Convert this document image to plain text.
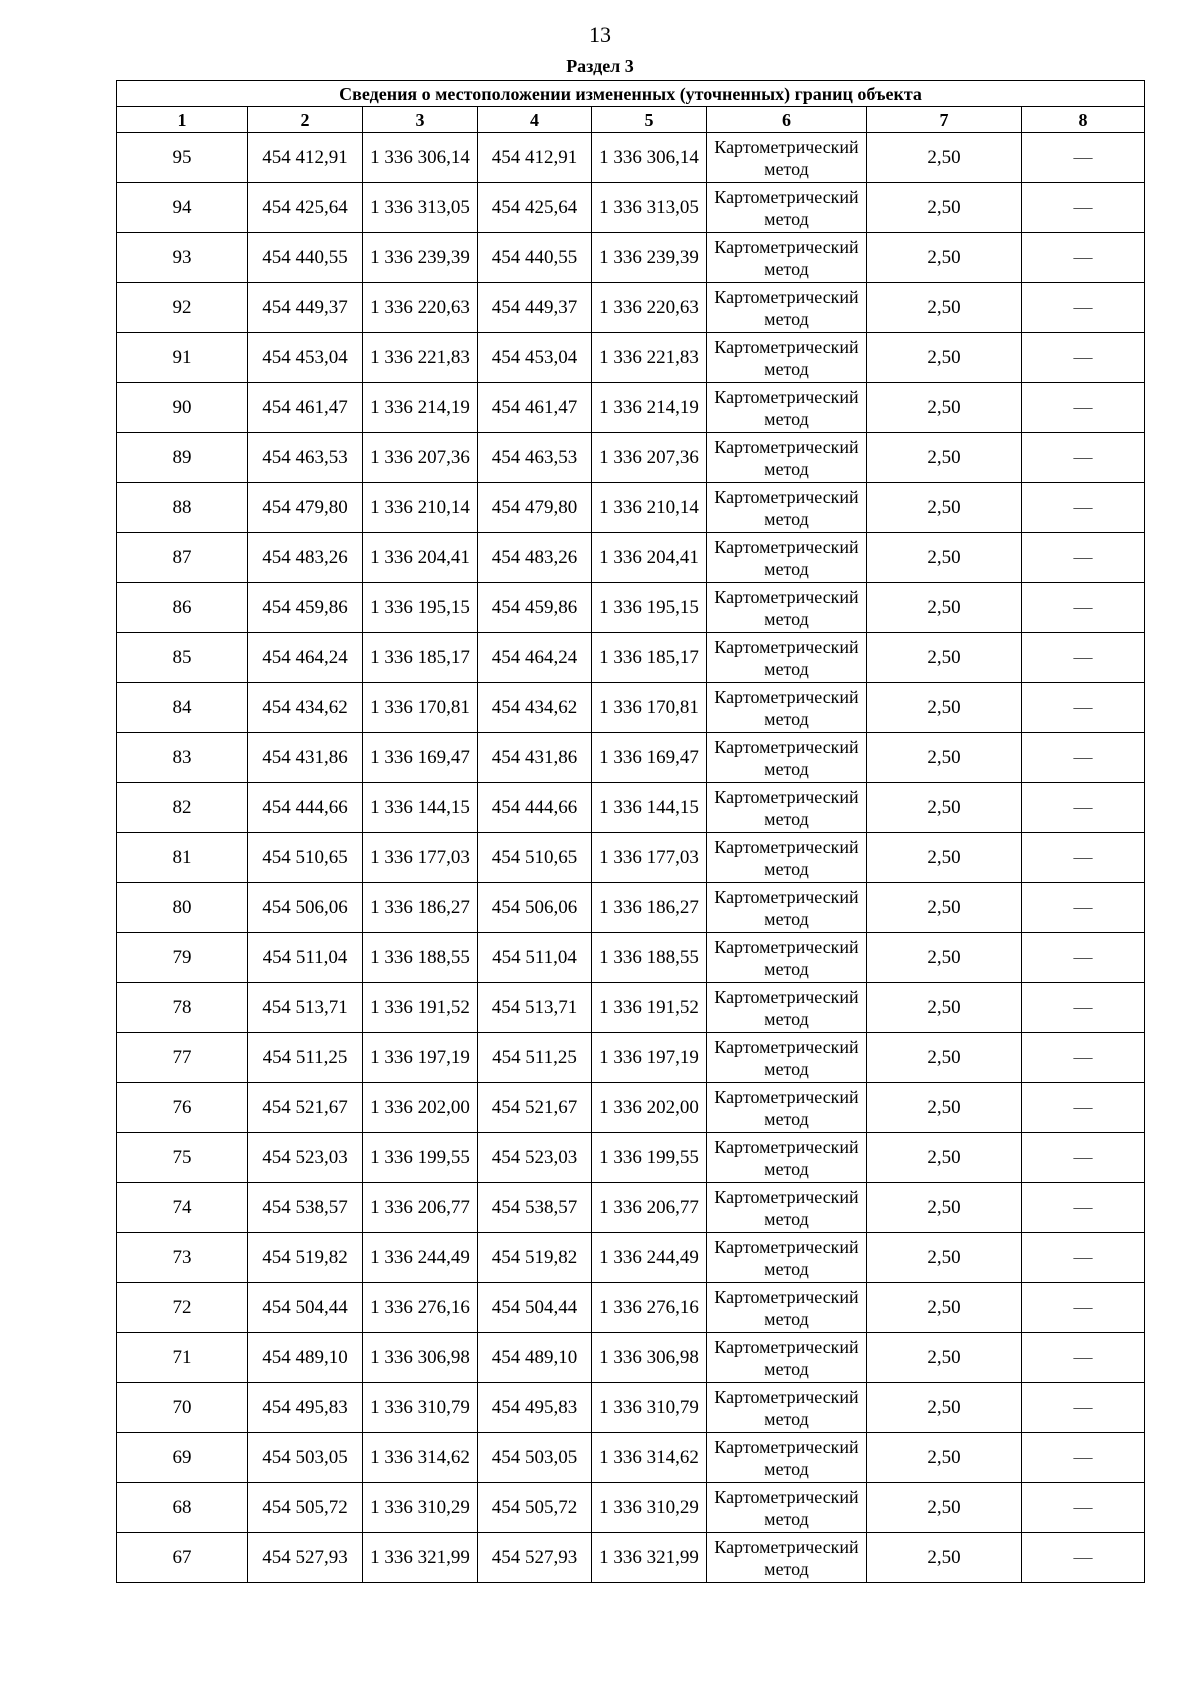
13
Раздел 3
Сведения о местоположении измененных (уточненных) границ объекта							
1	2	3	4	5	6	7	8
95	454 412,91	1 336 306,14	454 412,91	1 336 306,14	Картометрический метод	2,50	—
94	454 425,64	1 336 313,05	454 425,64	1 336 313,05	Картометрический метод	2,50	—
93	454 440,55	1 336 239,39	454 440,55	1 336 239,39	Картометрический метод	2,50	—
92	454 449,37	1 336 220,63	454 449,37	1 336 220,63	Картометрический метод	2,50	—
91	454 453,04	1 336 221,83	454 453,04	1 336 221,83	Картометрический метод	2,50	—
90	454 461,47	1 336 214,19	454 461,47	1 336 214,19	Картометрический метод	2,50	—
89	454 463,53	1 336 207,36	454 463,53	1 336 207,36	Картометрический метод	2,50	—
88	454 479,80	1 336 210,14	454 479,80	1 336 210,14	Картометрический метод	2,50	—
87	454 483,26	1 336 204,41	454 483,26	1 336 204,41	Картометрический метод	2,50	—
86	454 459,86	1 336 195,15	454 459,86	1 336 195,15	Картометрический метод	2,50	—
85	454 464,24	1 336 185,17	454 464,24	1 336 185,17	Картометрический метод	2,50	—
84	454 434,62	1 336 170,81	454 434,62	1 336 170,81	Картометрический метод	2,50	—
83	454 431,86	1 336 169,47	454 431,86	1 336 169,47	Картометрический метод	2,50	—
82	454 444,66	1 336 144,15	454 444,66	1 336 144,15	Картометрический метод	2,50	—
81	454 510,65	1 336 177,03	454 510,65	1 336 177,03	Картометрический метод	2,50	—
80	454 506,06	1 336 186,27	454 506,06	1 336 186,27	Картометрический метод	2,50	—
79	454 511,04	1 336 188,55	454 511,04	1 336 188,55	Картометрический метод	2,50	—
78	454 513,71	1 336 191,52	454 513,71	1 336 191,52	Картометрический метод	2,50	—
77	454 511,25	1 336 197,19	454 511,25	1 336 197,19	Картометрический метод	2,50	—
76	454 521,67	1 336 202,00	454 521,67	1 336 202,00	Картометрический метод	2,50	—
75	454 523,03	1 336 199,55	454 523,03	1 336 199,55	Картометрический метод	2,50	—
74	454 538,57	1 336 206,77	454 538,57	1 336 206,77	Картометрический метод	2,50	—
73	454 519,82	1 336 244,49	454 519,82	1 336 244,49	Картометрический метод	2,50	—
72	454 504,44	1 336 276,16	454 504,44	1 336 276,16	Картометрический метод	2,50	—
71	454 489,10	1 336 306,98	454 489,10	1 336 306,98	Картометрический метод	2,50	—
70	454 495,83	1 336 310,79	454 495,83	1 336 310,79	Картометрический метод	2,50	—
69	454 503,05	1 336 314,62	454 503,05	1 336 314,62	Картометрический метод	2,50	—
68	454 505,72	1 336 310,29	454 505,72	1 336 310,29	Картометрический метод	2,50	—
67	454 527,93	1 336 321,99	454 527,93	1 336 321,99	Картометрический метод	2,50	—
